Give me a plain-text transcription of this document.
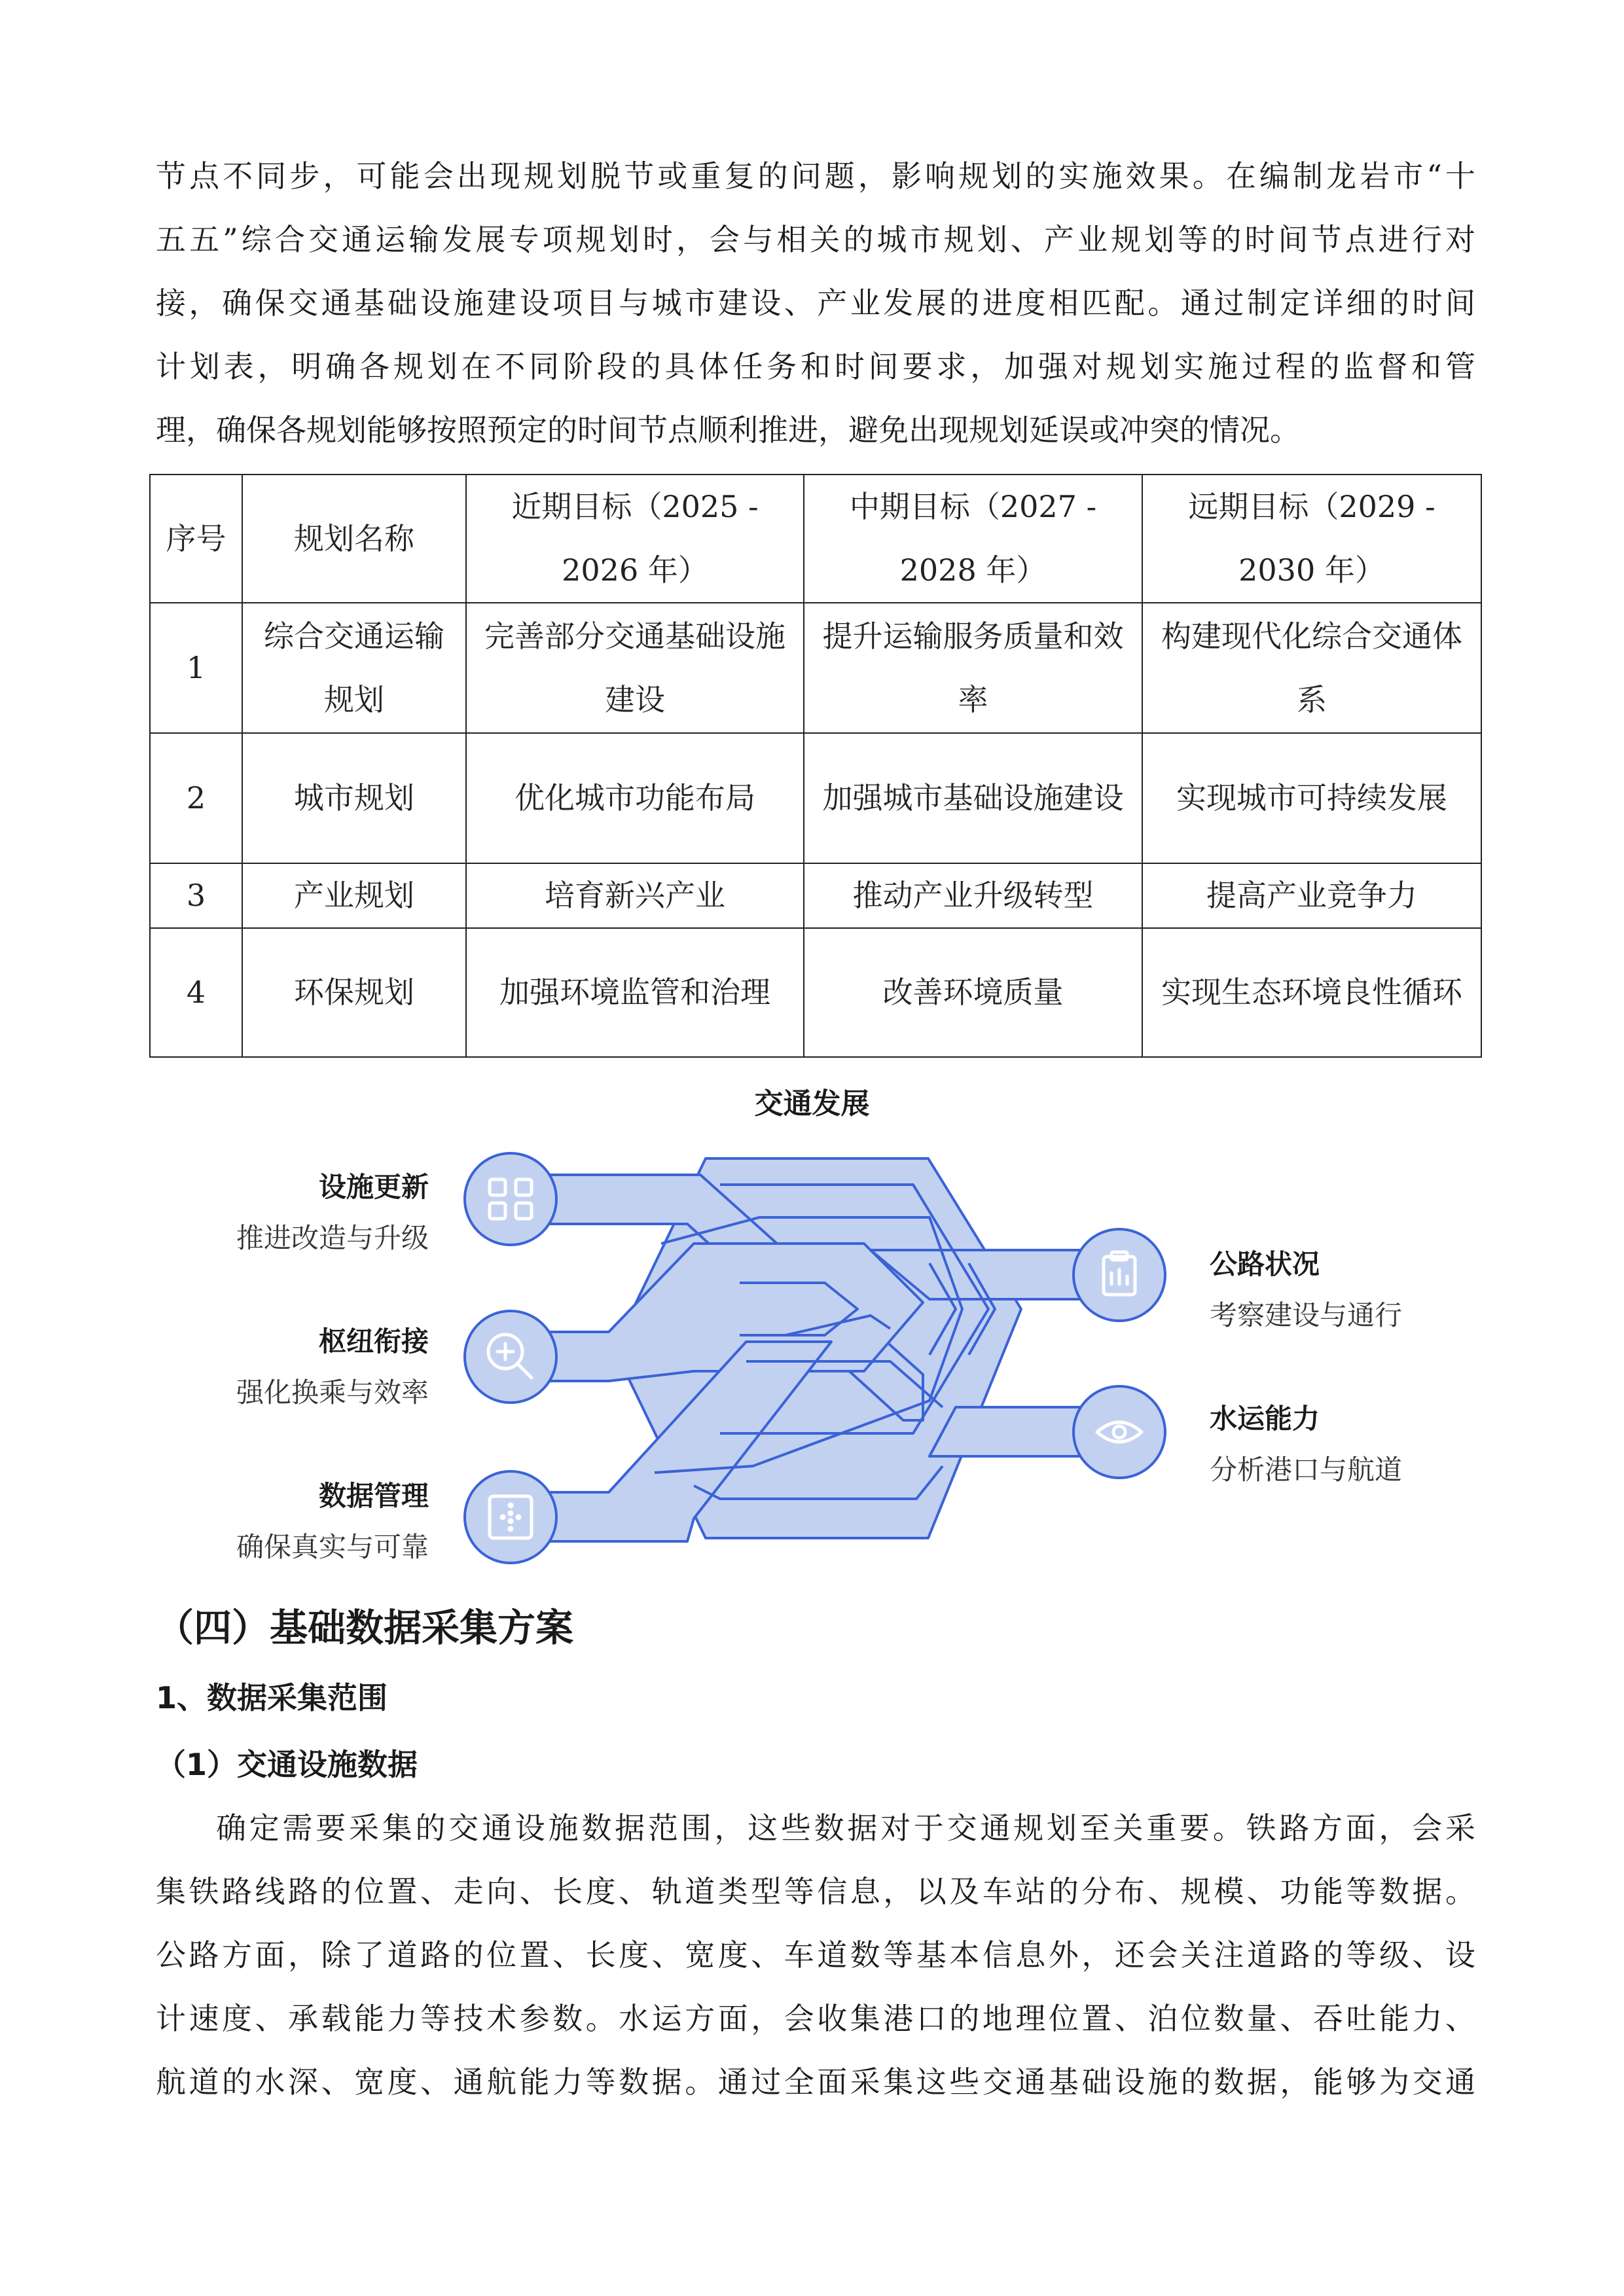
节点不同步，可能会出现规划脱节或重复的问题，影响规划的实施效果。在编制龙岩市“十
五五”综合交通运输发展专项规划时，会与相关的城市规划、产业规划等的时间节点进行对
接，确保交通基础设施建设项目与城市建设、产业发展的进度相匹配。通过制定详细的时间
计划表，明确各规划在不同阶段的具体任务和时间要求，加强对规划实施过程的监督和管
理，确保各规划能够按照预定的时间节点顺利推进，避免出现规划延误或冲突的情况。
序号	规划名称	近期目标（2025 - 2026 年）	中期目标（2027 - 2028 年）	远期目标（2029 - 2030 年）
1	综合交通运输规划	完善部分交通基础设施建设	提升运输服务质量和效率	构建现代化综合交通体系
2	城市规划	优化城市功能布局	加强城市基础设施建设	实现城市可持续发展
3	产业规划	培育新兴产业	推动产业升级转型	提高产业竞争力
4	环保规划	加强环境监管和治理	改善环境质量	实现生态环境良性循环
交通发展
设施更新
推进改造与升级
枢纽衔接
强化换乘与效率
数据管理
确保真实与可靠
公路状况
考察建设与通行
水运能力
分析港口与航道
（四）基础数据采集方案
1、数据采集范围
（1）交通设施数据
确定需要采集的交通设施数据范围，这些数据对于交通规划至关重要。铁路方面，会采
集铁路线路的位置、走向、长度、轨道类型等信息，以及车站的分布、规模、功能等数据。
公路方面，除了道路的位置、长度、宽度、车道数等基本信息外，还会关注道路的等级、设
计速度、承载能力等技术参数。水运方面，会收集港口的地理位置、泊位数量、吞吐能力、
航道的水深、宽度、通航能力等数据。通过全面采集这些交通基础设施的数据，能够为交通
